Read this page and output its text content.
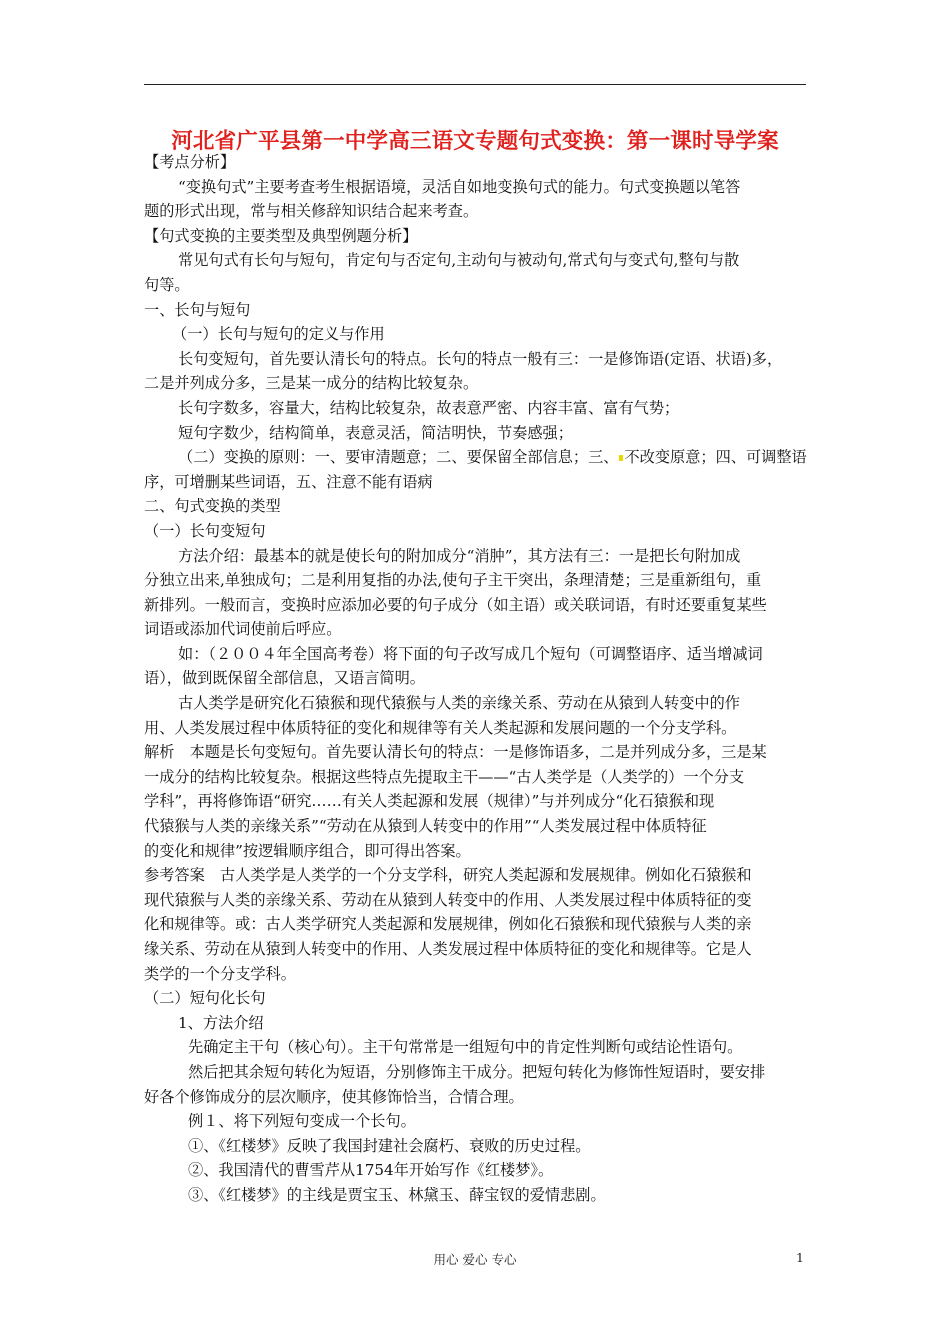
河北省广平县第一中学高三语文专题句式变换：第一课时导学案

【考点分析】

“变换句式”主要考查考生根据语境，灵活自如地变换句式的能力。句式变换题以笔答

题的形式出现，常与相关修辞知识结合起来考查。

【句式变换的主要类型及典型例题分析】

常见句式有长句与短句，肯定句与否定句,主动句与被动句,常式句与变式句,整句与散

句等。

一、长句与短句

（一）长句与短句的定义与作用

长句变短句，首先要认清长句的特点。长句的特点一般有三：一是修饰语(定语、状语)多，

二是并列成分多，三是某一成分的结构比较复杂。

长句字数多，容量大，结构比较复杂，故表意严密、内容丰富、富有气势；

短句字数少，结构简单，表意灵活，简洁明快，节奏感强；

（二）变换的原则：一、要审清题意；二、要保留全部信息；三、 不改变原意；四、可调整语

序，可增删某些词语，五、注意不能有语病

二、句式变换的类型

（一）长句变短句

方法介绍：最基本的就是使长句的附加成分“消肿”，其方法有三：一是把长句附加成

分独立出来,单独成句；二是利用复指的办法,使句子主干突出，条理清楚；三是重新组句，重

新排列。一般而言，变换时应添加必要的句子成分（如主语）或关联词语，有时还要重复某些

词语或添加代词使前后呼应。

如：（２００４年全国高考卷）将下面的句子改写成几个短句（可调整语序、适当增减词

语），做到既保留全部信息，又语言简明。

古人类学是研究化石猿猴和现代猿猴与人类的亲缘关系、劳动在从猿到人转变中的作

用、人类发展过程中体质特征的变化和规律等有关人类起源和发展问题的一个分支学科。

解析　本题是长句变短句。首先要认清长句的特点：一是修饰语多，二是并列成分多，三是某

一成分的结构比较复杂。根据这些特点先提取主干——“古人类学是（人类学的）一个分支

学科”，再将修饰语“研究……有关人类起源和发展（规律）”与并列成分“化石猿猴和现

代猿猴与人类的亲缘关系”“劳动在从猿到人转变中的作用”“人类发展过程中体质特征

的变化和规律”按逻辑顺序组合，即可得出答案。

参考答案　古人类学是人类学的一个分支学科，研究人类起源和发展规律。例如化石猿猴和

现代猿猴与人类的亲缘关系、劳动在从猿到人转变中的作用、人类发展过程中体质特征的变

化和规律等。或：古人类学研究人类起源和发展规律，例如化石猿猴和现代猿猴与人类的亲

缘关系、劳动在从猿到人转变中的作用、人类发展过程中体质特征的变化和规律等。它是人

类学的一个分支学科。

（二）短句化长句

1、方法介绍

先确定主干句（核心句）。主干句常常是一组短句中的肯定性判断句或结论性语句。

然后把其余短句转化为短语，分别修饰主干成分。把短句转化为修饰性短语时，要安排

好各个修饰成分的层次顺序，使其修饰恰当，合情合理。

例１、将下列短句变成一个长句。

①、《红楼梦》反映了我国封建社会腐朽、衰败的历史过程。

②、我国清代的曹雪芹从1754年开始写作《红楼梦》。

③、《红楼梦》的主线是贾宝玉、林黛玉、薛宝钗的爱情悲剧。

用心 爱心 专心	1
